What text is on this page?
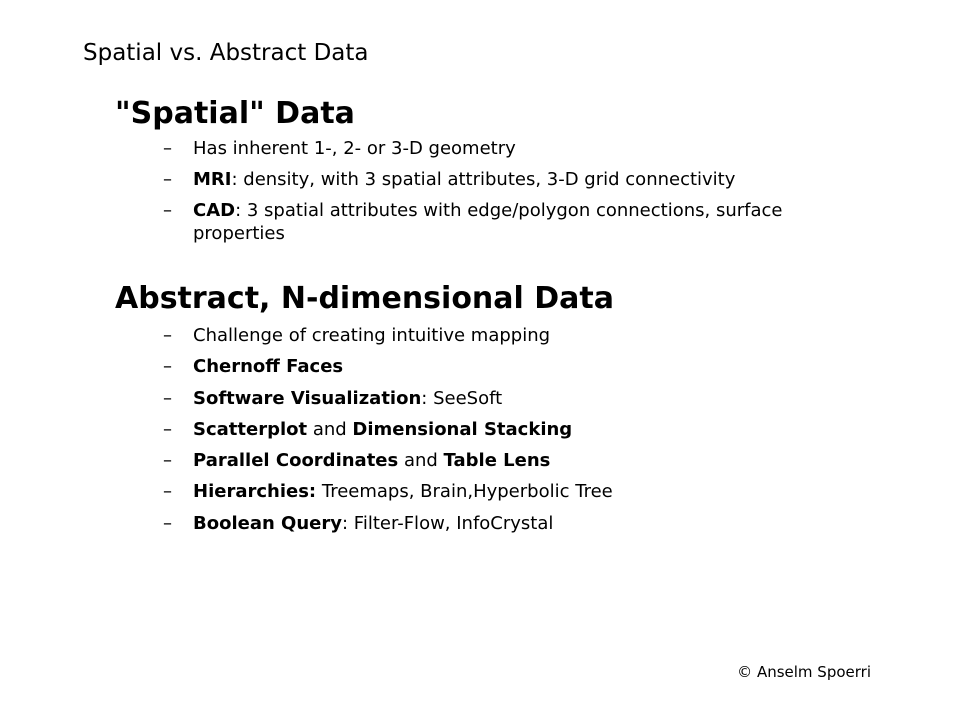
Spatial vs. Abstract Data
"Spatial" Data
– Has inherent 1-, 2- or 3-D geometry
– MRI: density, with 3 spatial attributes, 3-D grid connectivity
– CAD: 3 spatial attributes with edge/polygon connections, surface properties
Abstract, N-dimensional Data
– Challenge of creating intuitive mapping
– Chernoff Faces
– Software Visualization: SeeSoft
– Scatterplot and Dimensional Stacking
– Parallel Coordinates and Table Lens
– Hierarchies: Treemaps, Brain,Hyperbolic Tree
– Boolean Query: Filter-Flow, InfoCrystal
© Anselm Spoerri
